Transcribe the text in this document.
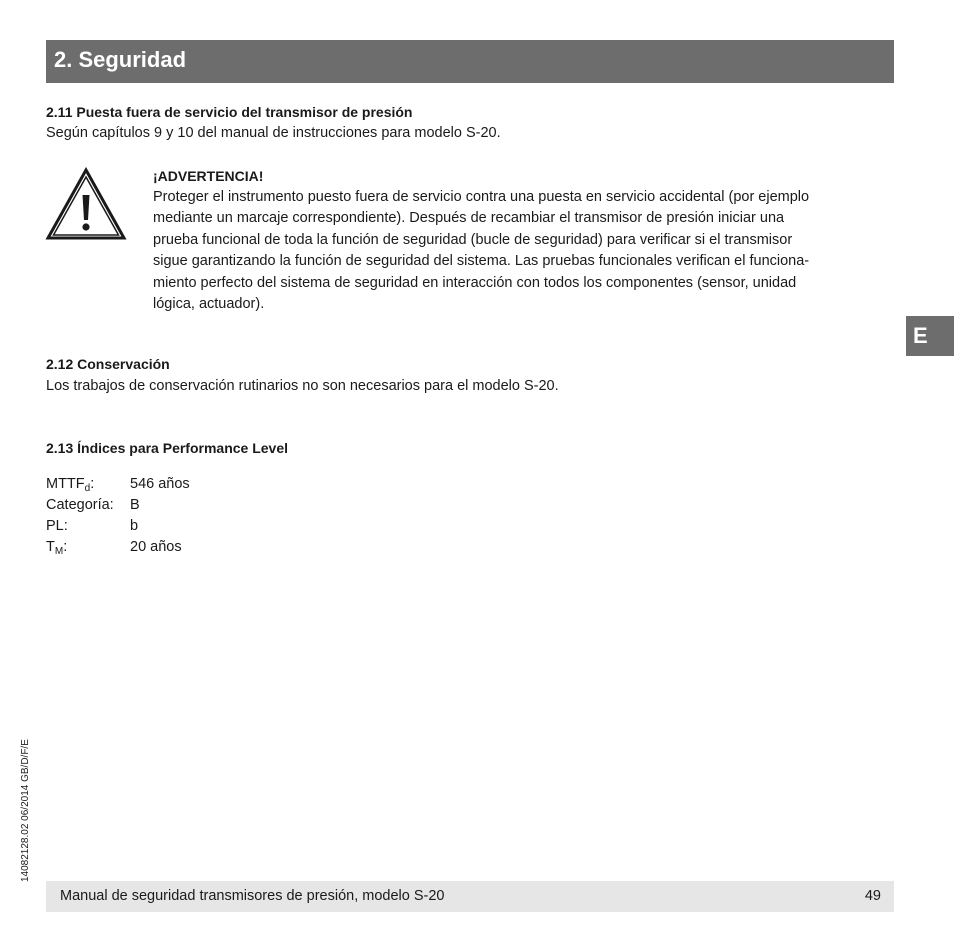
2. Seguridad
2.11 Puesta fuera de servicio del transmisor de presión

Según capítulos 9 y 10 del manual de instrucciones para modelo S-20.

¡ADVERTENCIA!
Proteger el instrumento puesto fuera de servicio contra una puesta en servicio accidental (por ejemplo
mediante un marcaje correspondiente). Después de recambiar el transmisor de presión iniciar una
prueba funcional de toda la función de seguridad (bucle de seguridad) para verificar si el transmisor
sigue garantizando la función de seguridad del sistema. Las pruebas funcionales verifican el funciona-
miento perfecto del sistema de seguridad en interacción con todos los componentes (sensor, unidad
lógica, actuador).
E
2.12 Conservación

Los trabajos de conservación rutinarios no son necesarios para el modelo S-20.

2.13 Índices para Performance Level
$MTTF_d$: 546 años
Categoría: B
PL:	b
$T_M$:	20 años
14082128.02 06/2014 GB/D/F/E
Manual de seguridad transmisores de presión, modelo S-20	49
